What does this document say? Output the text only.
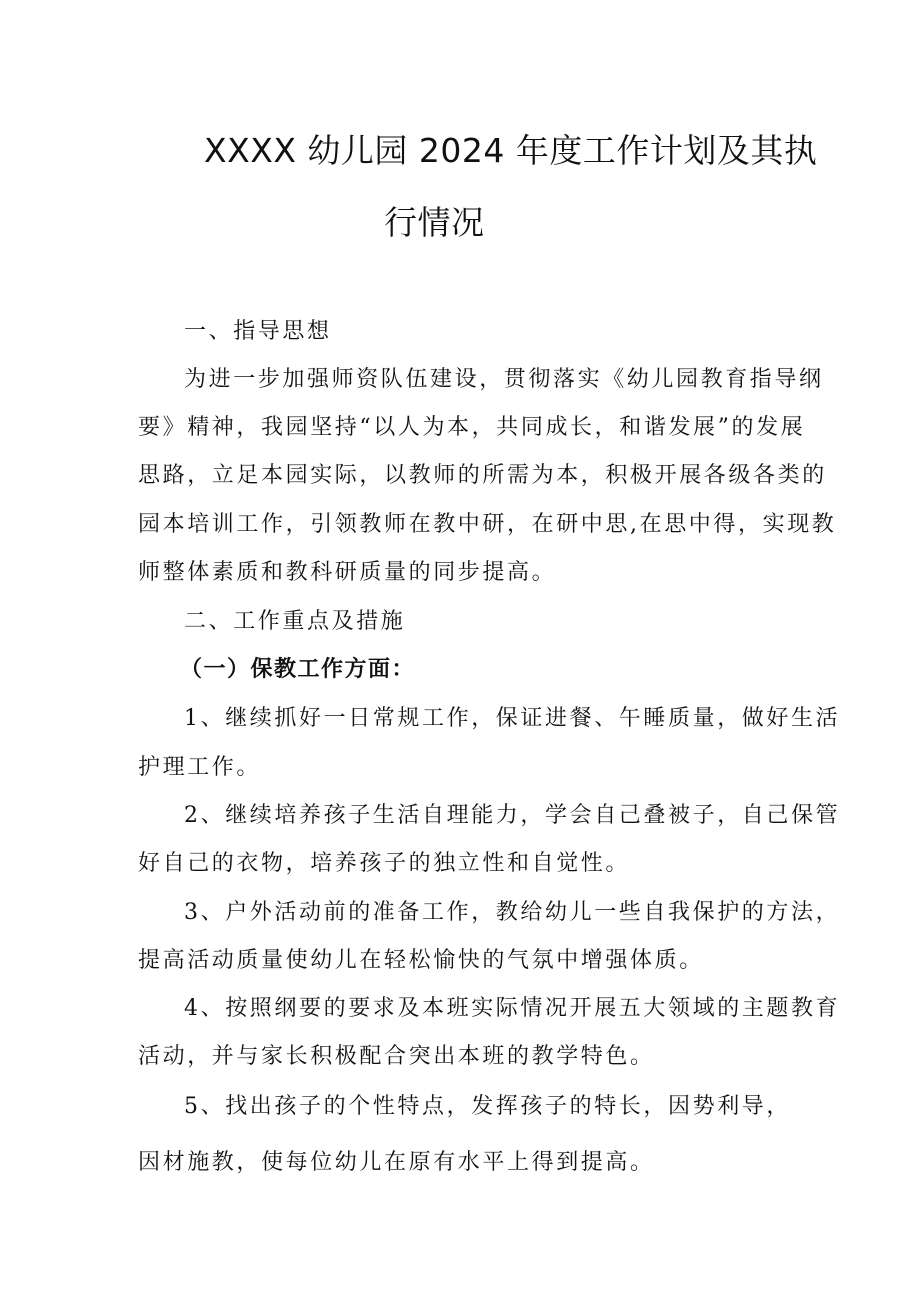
XXXX 幼儿园 2024 年度工作计划及其执
行情况
一、指导思想
为进一步加强师资队伍建设，贯彻落实《幼儿园教育指导纲
要》精神，我园坚持“以人为本，共同成长，和谐发展”的发展
思路，立足本园实际，以教师的所需为本，积极开展各级各类的
园本培训工作，引领教师在教中研，在研中思,在思中得，实现教
师整体素质和教科研质量的同步提高。
二、工作重点及措施
（一）保教工作方面：
1、继续抓好一日常规工作，保证进餐、午睡质量，做好生活
护理工作。
2、继续培养孩子生活自理能力，学会自己叠被子，自己保管
好自己的衣物，培养孩子的独立性和自觉性。
3、户外活动前的准备工作，教给幼儿一些自我保护的方法，
提高活动质量使幼儿在轻松愉快的气氛中增强体质。
4、按照纲要的要求及本班实际情况开展五大领域的主题教育
活动，并与家长积极配合突出本班的教学特色。
5、找出孩子的个性特点，发挥孩子的特长，因势利导，
因材施教，使每位幼儿在原有水平上得到提高。
